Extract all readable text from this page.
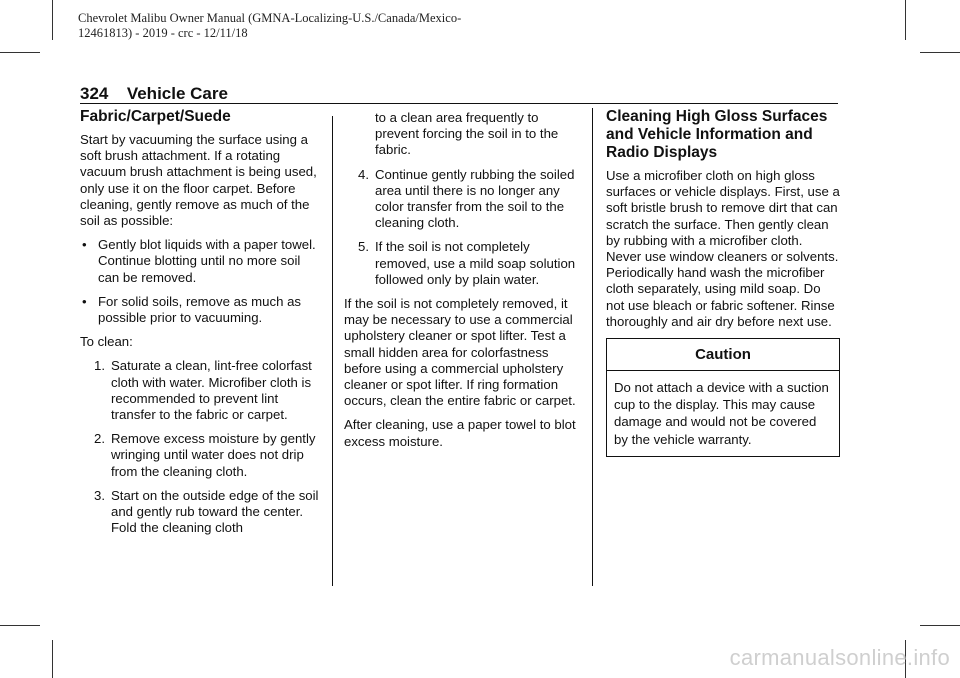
Chevrolet Malibu Owner Manual (GMNA-Localizing-U.S./Canada/Mexico-
12461813) - 2019 - crc - 12/11/18
324 Vehicle Care
Fabric/Carpet/Suede

Start by vacuuming the surface using a soft brush attachment. If a rotating vacuum brush attachment is being used, only use it on the floor carpet. Before cleaning, gently remove as much of the soil as possible:

• Gently blot liquids with a paper towel. Continue blotting until no more soil can be removed.
• For solid soils, remove as much as possible prior to vacuuming.

To clean:

1. Saturate a clean, lint-free colorfast cloth with water. Microfiber cloth is recommended to prevent lint transfer to the fabric or carpet.
2. Remove excess moisture by gently wringing until water does not drip from the cleaning cloth.
3. Start on the outside edge of the soil and gently rub toward the center. Fold the cleaning cloth
to a clean area frequently to prevent forcing the soil in to the fabric.
4. Continue gently rubbing the soiled area until there is no longer any color transfer from the soil to the cleaning cloth.
5. If the soil is not completely removed, use a mild soap solution followed only by plain water.

If the soil is not completely removed, it may be necessary to use a commercial upholstery cleaner or spot lifter. Test a small hidden area for colorfastness before using a commercial upholstery cleaner or spot lifter. If ring formation occurs, clean the entire fabric or carpet.

After cleaning, use a paper towel to blot excess moisture.

Cleaning High Gloss Surfaces and Vehicle Information and Radio Displays

Use a microfiber cloth on high gloss surfaces or vehicle displays. First, use a soft bristle brush to remove dirt that can scratch the surface. Then gently clean by rubbing with a microfiber cloth. Never use window cleaners or solvents. Periodically hand wash the microfiber cloth separately, using mild soap. Do not use bleach or fabric softener. Rinse thoroughly and air dry before next use.

Caution
Do not attach a device with a suction cup to the display. This may cause damage and would not be covered by the vehicle warranty.
carmanualsonline.info
